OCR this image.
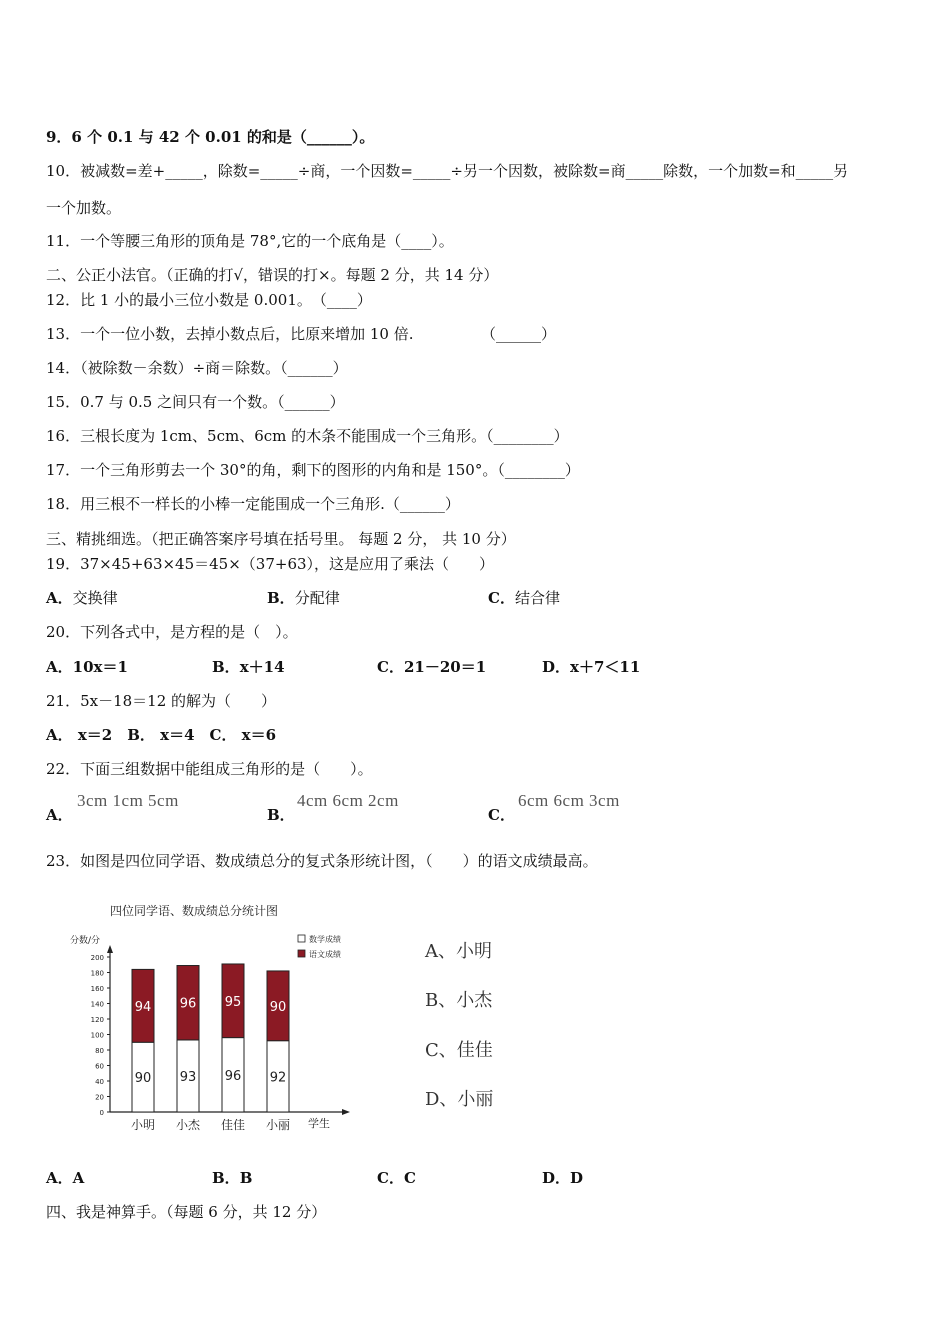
9．6 个 0.1 与 42 个 0.01 的和是（______）。
10．被减数=差+_____，除数=_____÷商，一个因数=_____÷另一个因数，被除数=商_____除数，一个加数=和_____另
一个加数。
11．一个等腰三角形的顶角是 78°,它的一个底角是（____）。
二、公正小法官。（正确的打√，错误的打×。每题 2 分，共 14 分）
12．比 1 小的最小三位小数是 0.001。　（____）
13．一个一位小数，去掉小数点后，比原来增加 10 倍.　　　　　（______）
14．（被除数－余数）÷商＝除数。（______）
15．0.7 与 0.5 之间只有一个数。（______）
16．三根长度为 1cm、5cm、6cm 的木条不能围成一个三角形。（________）
17．一个三角形剪去一个 30°的角，剩下的图形的内角和是 150°。（________）
18．用三根不一样长的小棒一定能围成一个三角形.（______）
三、精挑细选。（把正确答案序号填在括号里。 每题 2 分， 共 10 分）
19．37×45+63×45＝45×（37+63），这是应用了乘法（　　）
A．交换律	B．分配律	C．结合律
20．下列各式中，是方程的是（　）。
A．10x＝1	B．x＋14	C．21－20＝1	D．x＋7＜11
21．5x－18＝12 的解为（　　）
A． x＝2　B． x＝4　C． x＝6
22．下面三组数据中能组成三角形的是（　　）。
A．
3cm 1cm 5cm
B．
4cm 6cm 2cm
C．
6cm 6cm 3cm
23．如图是四位同学语、数成绩总分的复式条形统计图，（　　）的语文成绩最高。
四位同学语、数成绩总分统计图
分数/分
学生
数学成绩
语文成绩
0
20
40
60
80
100
120
140
160
180
200
90
94
小明
93
96
小杰
96
95
佳佳
92
90
小丽
A、小明
B、小杰
C、佳佳
D、小丽
A．A	B．B	C．C	D．D
四、我是神算手。（每题 6 分，共 12 分）
